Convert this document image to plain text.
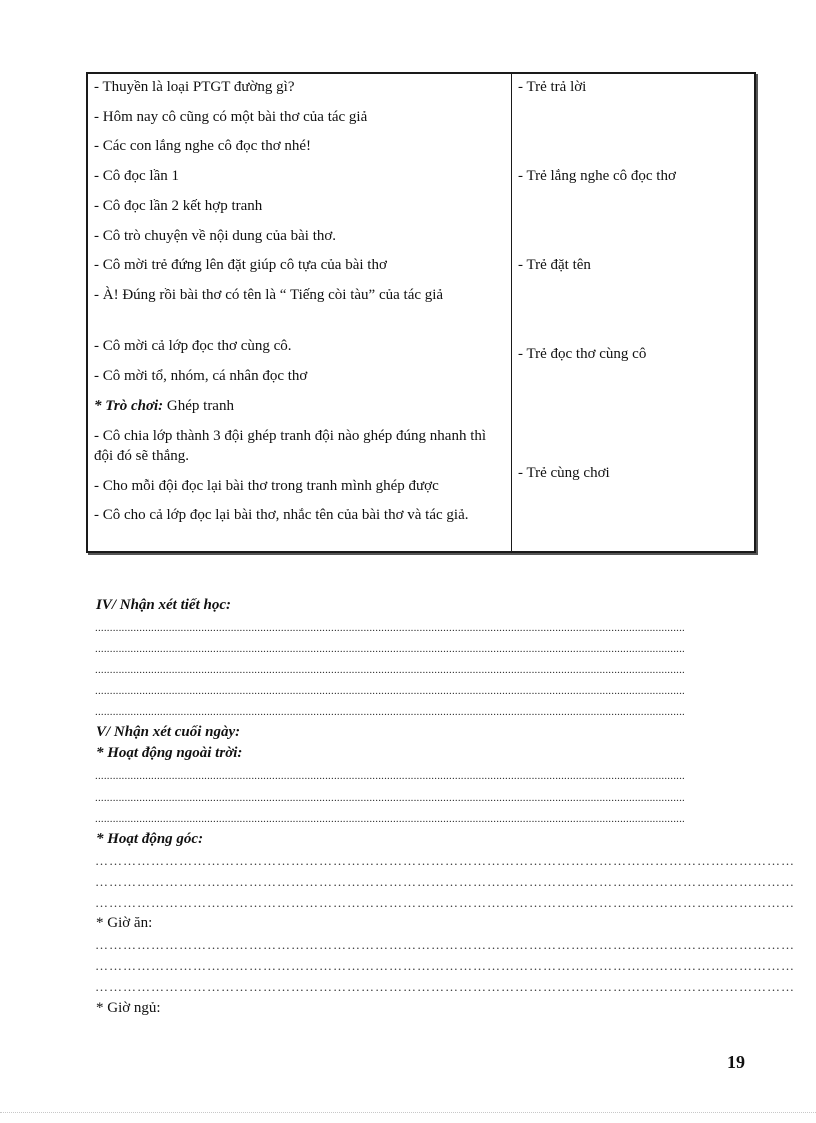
- Thuyền là loại PTGT đường gì?
- Hôm nay cô cũng có một bài thơ của tác giả
- Các con lắng nghe cô đọc thơ nhé!
- Cô đọc lần 1
- Cô đọc lần 2 kết hợp tranh
- Cô trò chuyện về nội dung của bài thơ.
- Cô mời trẻ đứng lên đặt giúp cô tựa của bài thơ
- À! Đúng rồi bài thơ có tên là “ Tiếng còi tàu” của tác giả
- Cô mời cả lớp đọc thơ cùng cô.
- Cô mời tổ, nhóm, cá nhân đọc thơ
* Trò chơi: Ghép tranh
- Cô chia lớp thành 3 đội ghép tranh đội nào ghép đúng nhanh thì đội đó sẽ thắng.
- Cho mỗi đội đọc lại bài thơ trong tranh mình ghép được
- Cô cho cả lớp đọc lại bài thơ, nhắc tên của bài thơ và tác giả.
- Trẻ trả lời
- Trẻ lắng nghe cô đọc thơ
- Trẻ đặt tên
- Trẻ đọc thơ cùng cô
- Trẻ cùng chơi
IV/ Nhận xét tiết học:
........................................................................................................................................................................................................
........................................................................................................................................................................................................
........................................................................................................................................................................................................
........................................................................................................................................................................................................
........................................................................................................................................................................................................
V/ Nhận xét cuối ngày:
* Hoạt động ngoài trời:
........................................................................................................................................................................................................
........................................................................................................................................................................................................
........................................................................................................................................................................................................
* Hoạt động góc:
……………………………………………………………………………………………………………………………………
……………………………………………………………………………………………………………………………………
……………………………………………………………………………………………………………………………………
* Giờ ăn:
……………………………………………………………………………………………………………………………………
……………………………………………………………………………………………………………………………………
……………………………………………………………………………………………………………………………………
* Giờ ngủ:
19
